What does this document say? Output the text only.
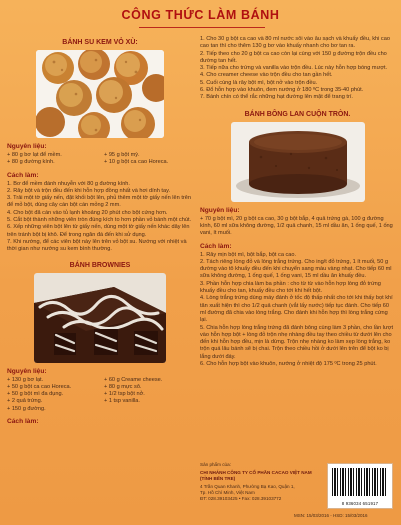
CÔNG THỨC LÀM BÁNH
BÁNH SU KEM VỎ XÙ:
Nguyên liệu:
+ 80 g bơ lạt để mềm.	+ 95 g bột mỳ.
+ 80 g đường kính.	+ 10 g bột ca cao Horeca.
Cách làm:

1. Bơ để mềm đánh nhuyễn với 80 g đường kính.

2. Rây bột và trộn đều đến khi hỗn hợp đồng nhất và hơi dính tay.

3. Trải một tờ giấy nến, đặt khối bột lên, phủ thêm một tờ giấy nến lên trên để mỏ bột, dùng cây cán bột cán mỏng 2 mm.

4. Cho bột đã cán vào tủ lạnh khoảng 20 phút cho bột cứng hơn.

5. Cắt bột thành những viên tròn đúng kích to hơn phần vỏ bánh một chút.

6. Xếp những viên bột lên từ giấy nến, dùng một tờ giấy nến khác dây lên trên tránh bột bị khô. Để trong ngăn đá đến khi sử dụng.

7. Khi nướng, để các viên bột này lên trên vỏ bột su. Nướng với nhiệt và thời gian như nướng su kem bình thường.

BÁNH BROWNIES
Nguyên liệu:
+ 130 g bơ lạt.	+ 60 g Creame cheese.
+ 50 g bột ca cao Horeca.	+ 80 g mực sô.
+ 50 g bột mì đa dụng.	+ 1/2 tsp bột nở.
+ 2 quả trứng.	+ 1 tsp vanilla.
+ 150 g đường.
Cách làm:

1. Cho 30 g bột ca cao và 80 ml nước sôi vào âu sạch và khuấy đều, khi cao cao tan thì cho thêm 130 g bơ vào khuấy nhanh cho bơ tan ra.

2. Tiếp theo cho 20 g bột ca cao còn lại cùng với 150 g đường trộn đều cho đường tan hết.

3. Tiếp nữa cho trứng và vanilla vào trộn đều. Lúc này hỗn hợp bóng mượt.

4. Cho creamer cheese vào trộn đều cho tan gần hết.

5. Cuối cùng là rây bột mì, bột nở vào trộn đều.

6. Đổ hỗn hợp vào khuôn, đem nướng ở 180 ºC trong 35-40 phút.

7. Bánh chín có thể rắc những hạt đường lên mặt để trang trí.

BÁNH BÔNG LAN CUỘN TRÒN.
Nguyên liệu:
+ 70 g bột mì, 20 g bột ca cao, 30 g bột bắp, 4 quả trứng gà, 100 g đường kính, 60 ml sữa không đường, 1/2 quả chanh, 15 ml dầu ăn, 1 ống quế, 1 ống vani, ít muối.
Cách làm:

1. Rây mịn bột mì, bột bắp, bột ca cao.

2. Tách riêng lòng đỏ và lòng trắng trứng. Cho ing/t đỏ trứng, 1 ít muối, 50 g đường vào tô khuấy đều đến khi chuyển sang màu vàng nhạt. Cho tiếp 60 ml sữa không đường, 1 ống quế, 1 ống vani, 15 ml dầu ăn khuấy đều.

3. Phần hỗn hợp chia làm ba phần : cho từ từ vào hỗn hợp lòng đỏ trứng khuấy đều cho tan, khuấy đều cho tới khi hết bột.

4. Lòng trắng trứng dùng máy đánh ở tốc độ thấp nhất cho tới khi thấy bọt khí tăn xuất hiện thì cho 1/2 quả chanh (vắt lấy nước) tiếp tục đánh. Cho tiếp 60 ml đường đã chia vào lòng trắng. Cho đánh khi hỗn hợp thì lòng trắng cứng lại.

5. Chia hỗn hợp lòng trắng trứng đã đánh bông cùng làm 3 phần, cho lần lượt vào hỗn hợp bột + lòng đỏ trộn nhẹ nhàng đều tay theo chiều từ dưới lên cho đến khi hỗn hợp đều, mịn là dừng. Trộn nhẹ nhàng ko làm xẹp lòng trắng, ko trộn quá lâu bánh sẽ bị chai. Trộn theo chiều hồi ở dưới lên trên để bột ko bị lắng dưới đáy.

6. Cho hỗn hợp bột vào khuôn, nướng ở nhiệt độ 175 ºC trong 25 phút.

Sản phẩm của:
CHI NHÁNH CÔNG TY CỔ PHẦN CACAO VIỆT NAM (TỈNH BẾN TRE)
4 Trần Quan Khanh, Phường Bạ Kao, Quận 1,
Tp. Hồ Chí Minh, Việt Nam
ĐT: 028.39103425 • Fax: 028.39103772
8 936034 651917
MSN: 15/03/2016 - HSD: 15/03/2016
